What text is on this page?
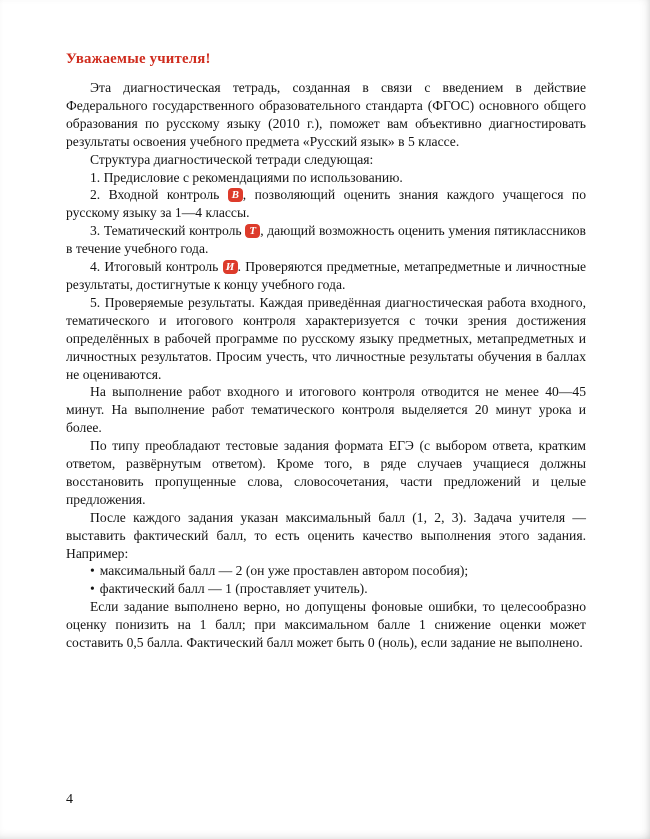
Уважаемые учителя!

Эта диагностическая тетрадь, созданная в связи с введением в действие Федерального государственного образовательного стандарта (ФГОС) основного общего образования по русскому языку (2010 г.), поможет вам объективно диагностировать результаты освоения учебного предмета «Русский язык» в 5 классе.

Структура диагностической тетради следующая:

1. Предисловие с рекомендациями по использованию.

2. Входной контроль В , позволяющий оценить знания каждого учащегося по русскому языку за 1—4 классы.

3. Тематический контроль Т , дающий возможность оценить умения пятиклассников в течение учебного года.

4. Итоговый контроль И . Проверяются предметные, метапредметные и личностные результаты, достигнутые к концу учебного года.

5. Проверяемые результаты. Каждая приведённая диагностическая работа входного, тематического и итогового контроля характеризуется с точки зрения достижения определённых в рабочей программе по русскому языку предметных, метапредметных и личностных результатов. Просим учесть, что личностные результаты обучения в баллах не оцениваются.

На выполнение работ входного и итогового контроля отводится не менее 40—45 минут. На выполнение работ тематического контроля выделяется 20 минут урока и более.

По типу преобладают тестовые задания формата ЕГЭ (с выбором ответа, кратким ответом, развёрнутым ответом). Кроме того, в ряде случаев учащиеся должны восстановить пропущенные слова, словосочетания, части предложений и целые предложения.

После каждого задания указан максимальный балл (1, 2, 3). Задача учителя — выставить фактический балл, то есть оценить качество выполнения этого задания. Например:

• максимальный балл — 2 (он уже проставлен автором пособия);

• фактический балл — 1 (проставляет учитель).

Если задание выполнено верно, но допущены фоновые ошибки, то целесообразно оценку понизить на 1 балл; при максимальном балле 1 снижение оценки может составить 0,5 балла. Фактический балл может быть 0 (ноль), если задание не выполнено.

4
